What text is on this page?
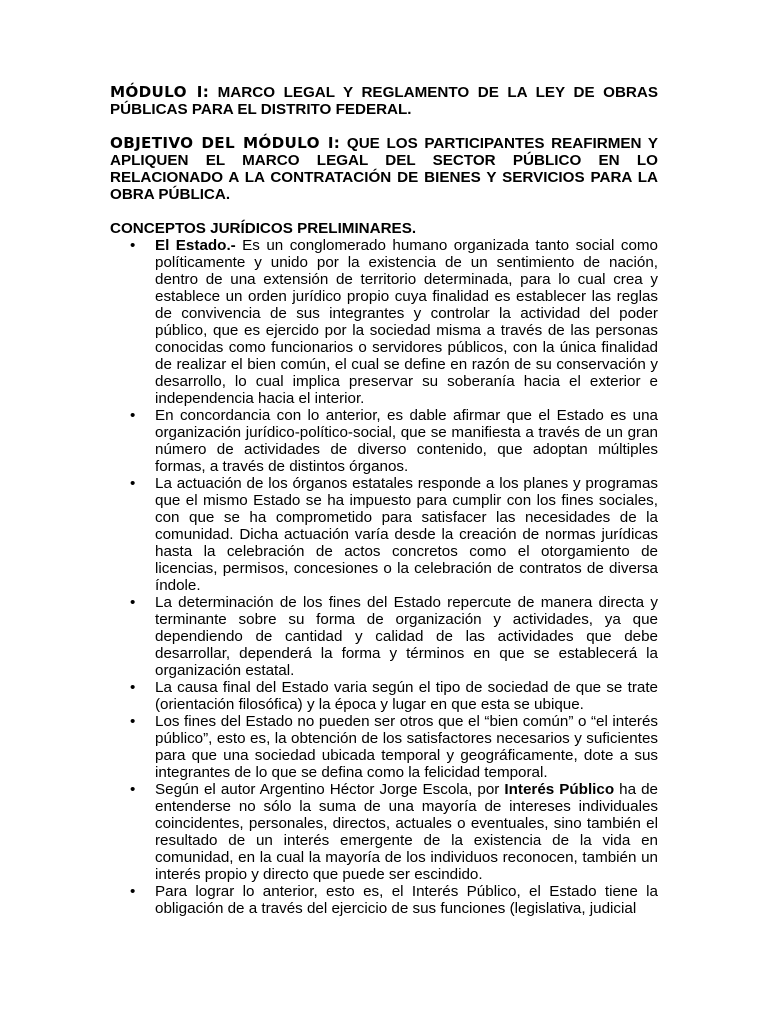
MÓDULO I: MARCO LEGAL Y REGLAMENTO DE LA LEY DE OBRAS PÚBLICAS PARA EL DISTRITO FEDERAL.

OBJETIVO DEL MÓDULO I: QUE LOS PARTICIPANTES REAFIRMEN Y APLIQUEN EL MARCO LEGAL DEL SECTOR PÚBLICO EN LO RELACIONADO A LA CONTRATACIÓN DE BIENES Y SERVICIOS PARA LA OBRA PÚBLICA.

CONCEPTOS JURÍDICOS PRELIMINARES.

•	El Estado.- Es un conglomerado humano organizada tanto social como políticamente y unido por la existencia de un sentimiento de nación, dentro de una extensión de territorio determinada, para lo cual crea y establece un orden jurídico propio cuya finalidad es establecer las reglas de convivencia de sus integrantes y controlar la actividad del poder público, que es ejercido por la sociedad misma a través de las personas conocidas como funcionarios o servidores públicos, con la única finalidad de realizar el bien común, el cual se define en razón de su conservación y desarrollo, lo cual implica preservar su soberanía hacia el exterior e independencia hacia el interior.
•	En concordancia con lo anterior, es dable afirmar que el Estado es una organización jurídico-político-social, que se manifiesta a través de un gran número de actividades de diverso contenido, que adoptan múltiples formas, a través de distintos órganos.
•	La actuación de los órganos estatales responde a los planes y programas que el mismo Estado se ha impuesto para cumplir con los fines sociales, con que se ha comprometido para satisfacer las necesidades de la comunidad. Dicha actuación varía desde la creación de normas jurídicas hasta la celebración de actos concretos como el otorgamiento de licencias, permisos, concesiones o la celebración de contratos de diversa índole.
•	La determinación de los fines del Estado repercute de manera directa y terminante sobre su forma de organización y actividades, ya que dependiendo de cantidad y calidad de las actividades que debe desarrollar, dependerá la forma y términos en que se establecerá la organización estatal.
•	La causa final del Estado varia según el tipo de sociedad de que se trate (orientación filosófica) y la época y lugar en que esta se ubique.
•	Los fines del Estado no pueden ser otros que el “bien común” o “el interés público”, esto es, la obtención de los satisfactores necesarios y suficientes para que una sociedad ubicada temporal y geográficamente, dote a sus integrantes de lo que se defina como la felicidad temporal.
•	Según el autor Argentino Héctor Jorge Escola, por Interés Público ha de entenderse no sólo la suma de una mayoría de intereses individuales coincidentes, personales, directos, actuales o eventuales, sino también el resultado de un interés emergente de la existencia de la vida en comunidad, en la cual la mayoría de los individuos reconocen, también un interés propio y directo que puede ser escindido.
•	Para lograr lo anterior, esto es, el Interés Público, el Estado tiene la obligación de a través del ejercicio de sus funciones (legislativa, judicial
